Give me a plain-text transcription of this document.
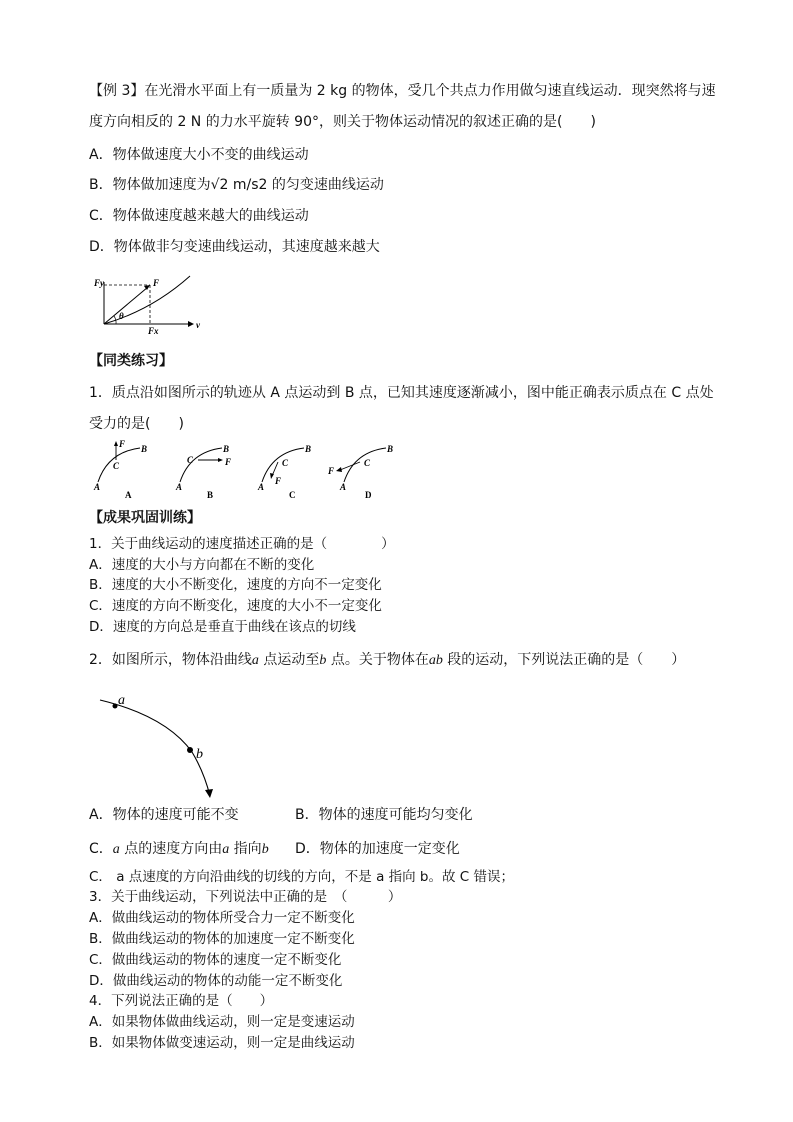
【例 3】在光滑水平面上有一质量为 2 kg 的物体，受几个共点力作用做匀速直线运动．现突然将与速
度方向相反的 2 N 的力水平旋转 90°，则关于物体运动情况的叙述正确的是(　　)
A．物体做速度大小不变的曲线运动
B．物体做加速度为√2 m/s2 的匀变速曲线运动
C．物体做速度越来越大的曲线运动
D．物体做非匀变速曲线运动，其速度越来越大
Fy	F
θ
Fx
v
【同类练习】
1．质点沿如图所示的轨迹从 A 点运动到 B 点，已知其速度逐渐减小，图中能正确表示质点在 C 点处
受力的是(　　)
A
B
C
F
A
A
B
C	F
B
A
B
C
F
C
A
B
C
F
D
【成果巩固训练】
1．关于曲线运动的速度描述正确的是（　　　　）
A．速度的大小与方向都在不断的变化
B．速度的大小不断变化，速度的方向不一定变化
C．速度的方向不断变化，速度的大小不一定变化
D．速度的方向总是垂直于曲线在该点的切线
2．如图所示，物体沿曲线a 点运动至b 点。关于物体在ab 段的运动，下列说法正确的是（　　）
a
b
A．物体的速度可能不变	B．物体的速度可能均匀变化
C．a 点的速度方向由a 指向b D．物体的加速度一定变化
C． a 点速度的方向沿曲线的切线的方向，不是 a 指向 b。故 C 错误；
3．关于曲线运动，下列说法中正确的是　（　　　）
A．做曲线运动的物体所受合力一定不断变化
B．做曲线运动的物体的加速度一定不断变化
C．做曲线运动的物体的速度一定不断变化
D．做曲线运动的物体的动能一定不断变化
4．下列说法正确的是（　　）
A．如果物体做曲线运动，则一定是变速运动
B．如果物体做变速运动，则一定是曲线运动
